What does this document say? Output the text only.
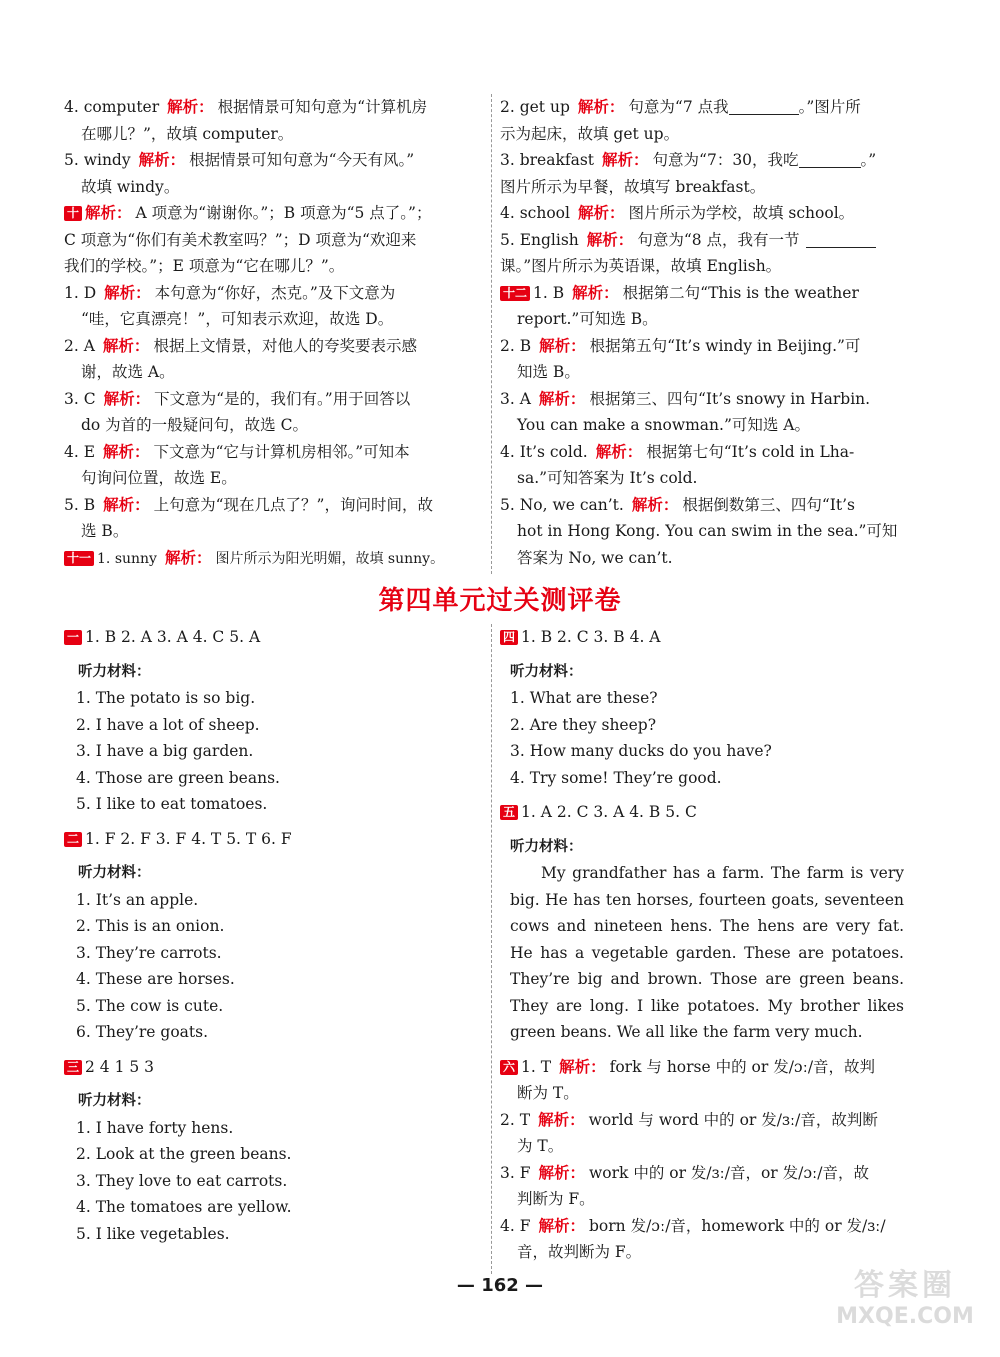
4. computer 解析： 根据情景可知句意为“计算机房
在哪儿？”，故填 computer。
5. windy 解析： 根据情景可知句意为“今天有风。”
故填 windy。
十 解析： A 项意为“谢谢你。”；B 项意为“5 点了。”；
C 项意为“你们有美术教室吗？”；D 项意为“欢迎来
我们的学校。”；E 项意为“它在哪儿？”。
1. D 解析： 本句意为“你好，杰克。”及下文意为
“哇，它真漂亮！”，可知表示欢迎，故选 D。
2. A 解析： 根据上文情景，对他人的夸奖要表示感
谢，故选 A。
3. C 解析： 下文意为“是的，我们有。”用于回答以
do 为首的一般疑问句，故选 C。
4. E 解析： 下文意为“它与计算机房相邻。”可知本
句询问位置，故选 E。
5. B 解析： 上句意为“现在几点了？”，询问时间，故
选 B。
十一 1. sunny 解析： 图片所示为阳光明媚，故填 sunny。
2. get up 解析： 句意为“7 点我	。”图片所
示为起床，故填 get up。
3. breakfast 解析： 句意为“7：30，我吃	。”
图片所示为早餐，故填写 breakfast。
4. school 解析： 图片所示为学校，故填 school。
5. English 解析： 句意为“8 点，我有一节
课。”图片所示为英语课，故填 English。
十二 1. B 解析： 根据第二句“This is the weather
report.”可知选 B。
2. B 解析： 根据第五句“It’s windy in Beijing.”可
知选 B。
3. A 解析： 根据第三、四句“It’s snowy in Harbin.
You can make a snowman.”可知选 A。
4. It’s cold. 解析： 根据第七句“It’s cold in Lha-
sa.”可知答案为 It’s cold.
5. No, we can’t. 解析： 根据倒数第三、四句“It’s
hot in Hong Kong. You can swim in the sea.”可知
答案为 No, we can’t.
第四单元过关测评卷
一 1. B 2. A 3. A 4. C 5. A
听力材料：
1. The potato is so big.
2. I have a lot of sheep.
3. I have a big garden.
4. Those are green beans.
5. I like to eat tomatoes.
二 1. F 2. F 3. F 4. T 5. T 6. F
听力材料：
1. It’s an apple.
2. This is an onion.
3. They’re carrots.
4. These are horses.
5. The cow is cute.
6. They’re goats.
三 2 4 1 5 3
听力材料：
1. I have forty hens.
2. Look at the green beans.
3. They love to eat carrots.
4. The tomatoes are yellow.
5. I like vegetables.
四 1. B 2. C 3. B 4. A
听力材料：
1. What are these?
2. Are they sheep?
3. How many ducks do you have?
4. Try some! They’re good.
五 1. A 2. C 3. A 4. B 5. C
听力材料：
My grandfather has a farm. The farm is very big. He has ten horses, fourteen goats, seventeen cows and nineteen hens. The hens are very fat. He has a vegetable garden. These are potatoes. They’re big and brown. Those are green beans. They are long. I like potatoes. My brother likes green beans. We all like the farm very much.
六 1. T 解析： fork 与 horse 中的 or 发/ɔː/音，故判
断为 T。
2. T 解析： world 与 word 中的 or 发/ɜː/音，故判断
为 T。
3. F 解析： work 中的 or 发/ɜː/音，or 发/ɔː/音，故
判断为 F。
4. F 解析： born 发/ɔː/音，homework 中的 or 发/ɜː/
音，故判断为 F。
— 162 —	答案圈
MXQE.COM
